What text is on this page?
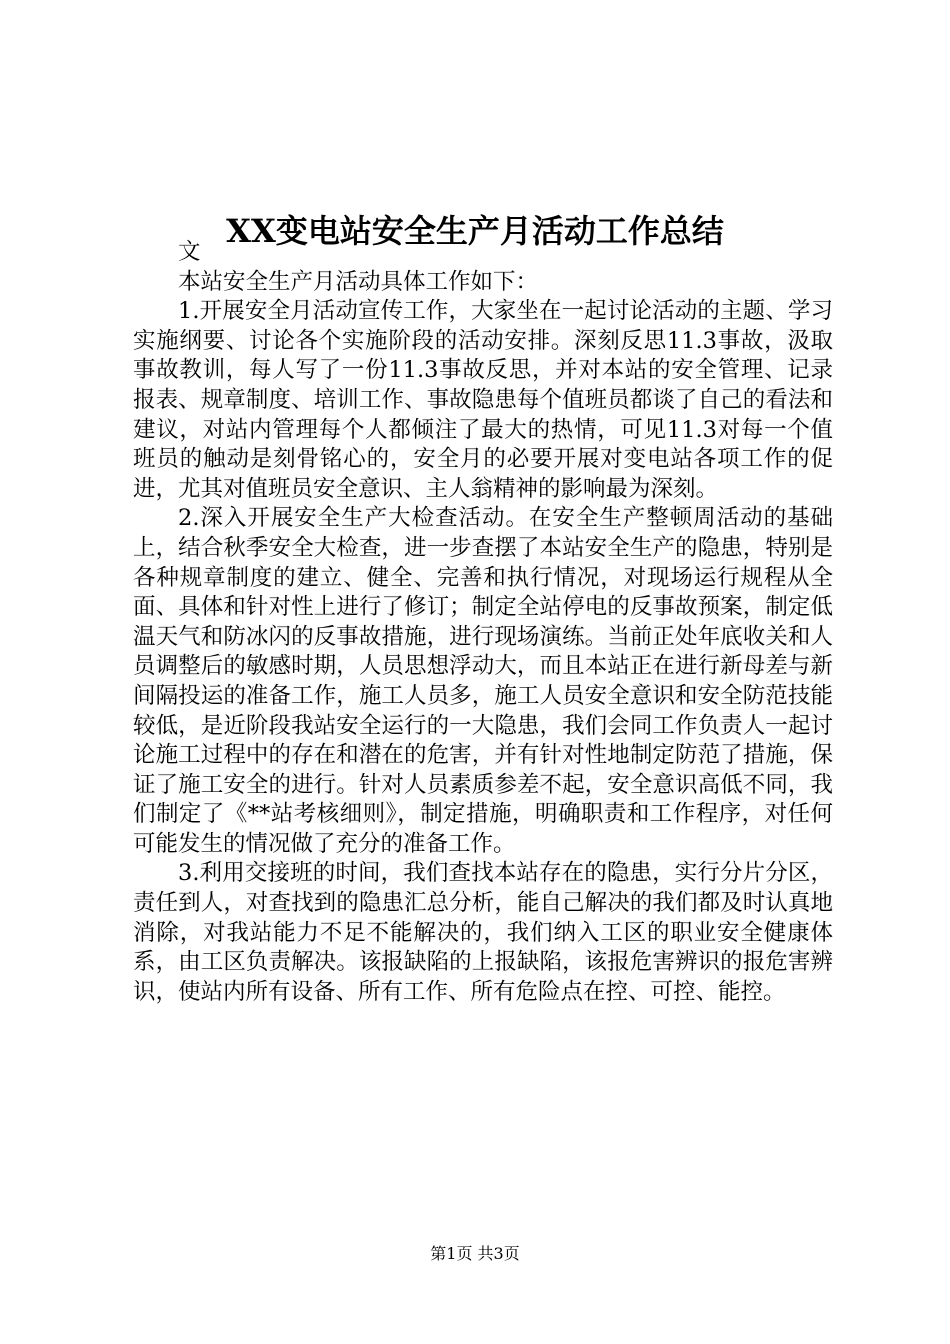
XX变电站安全生产月活动工作总结

文

本站安全生产月活动具体工作如下：

1.开展安全月活动宣传工作，大家坐在一起讨论活动的主题、学习实施纲要、讨论各个实施阶段的活动安排。深刻反思11.3事故，汲取事故教训，每人写了一份11.3事故反思，并对本站的安全管理、记录报表、规章制度、培训工作、事故隐患每个值班员都谈了自己的看法和建议，对站内管理每个人都倾注了最大的热情，可见11.3对每一个值班员的触动是刻骨铭心的，安全月的必要开展对变电站各项工作的促进，尤其对值班员安全意识、主人翁精神的影响最为深刻。

2.深入开展安全生产大检查活动。在安全生产整顿周活动的基础上，结合秋季安全大检查，进一步查摆了本站安全生产的隐患，特别是各种规章制度的建立、健全、完善和执行情况，对现场运行规程从全面、具体和针对性上进行了修订；制定全站停电的反事故预案，制定低温天气和防冰闪的反事故措施，进行现场演练。当前正处年底收关和人员调整后的敏感时期，人员思想浮动大，而且本站正在进行新母差与新间隔投运的准备工作，施工人员多，施工人员安全意识和安全防范技能较低，是近阶段我站安全运行的一大隐患，我们会同工作负责人一起讨论施工过程中的存在和潜在的危害，并有针对性地制定防范了措施，保证了施工安全的进行。针对人员素质参差不起，安全意识高低不同，我们制定了《**站考核细则》，制定措施，明确职责和工作程序，对任何可能发生的情况做了充分的准备工作。

3.利用交接班的时间，我们查找本站存在的隐患，实行分片分区，责任到人，对查找到的隐患汇总分析，能自己解决的我们都及时认真地消除，对我站能力不足不能解决的，我们纳入工区的职业安全健康体系，由工区负责解决。该报缺陷的上报缺陷，该报危害辨识的报危害辨识，使站内所有设备、所有工作、所有危险点在控、可控、能控。

第1页 共3页
